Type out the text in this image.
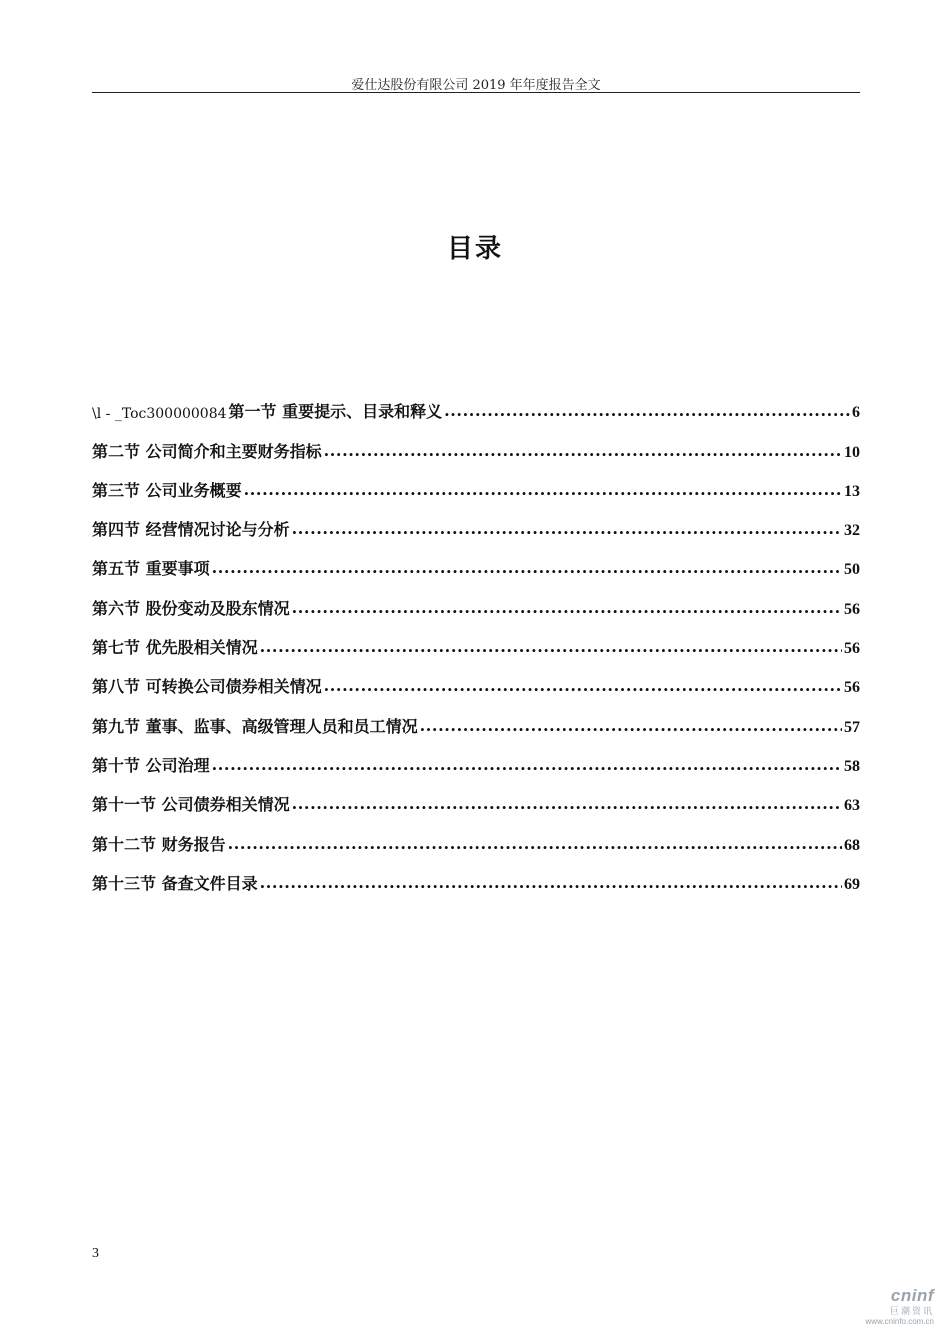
爱仕达股份有限公司 2019 年年度报告全文
目录
\l - _Toc300000084 第一节 重要提示、目录和释义 .....	6
第二节 公司简介和主要财务指标 .....	10
第三节 公司业务概要 .....	13
第四节 经营情况讨论与分析 .....	32
第五节 重要事项 .....	50
第六节 股份变动及股东情况 .....	56
第七节 优先股相关情况 .....	56
第八节 可转换公司债券相关情况 .....	56
第九节 董事、监事、高级管理人员和员工情况 .....	57
第十节 公司治理 .....	58
第十一节 公司债券相关情况 .....	63
第十二节 财务报告 .....	68
第十三节 备查文件目录 .....	69
3
cninf
巨潮资讯
www.cninfo.com.cn
